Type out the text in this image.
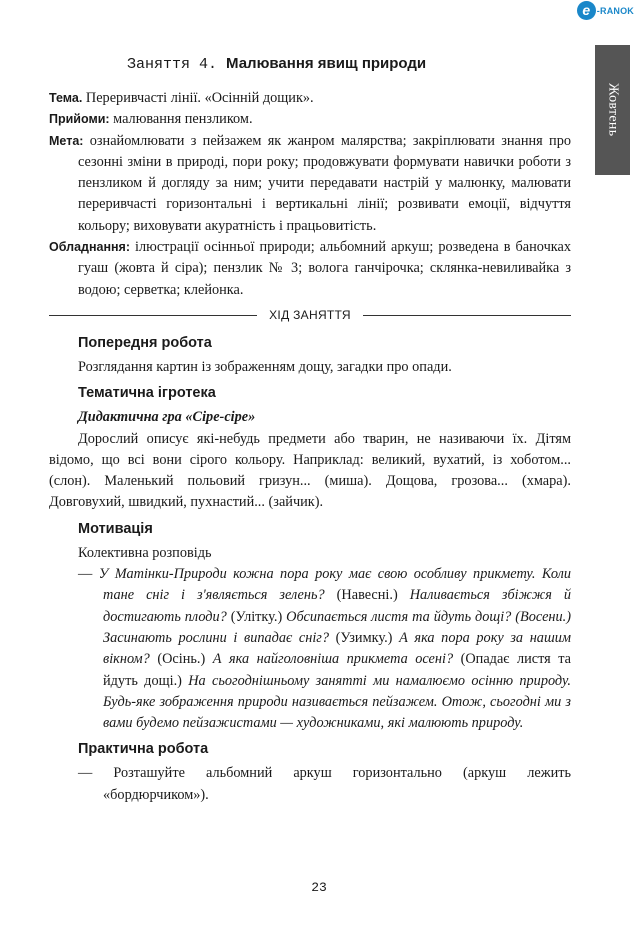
e -RANOK
Жовтень
Заняття 4. Малювання явищ природи

Тема. Переривчасті лінії. «Осінній дощик».

Прийоми: малювання пензликом.

Мета: ознайомлювати з пейзажем як жанром малярства; закріплювати знання про сезонні зміни в природі, пори року; продовжувати формувати навички роботи з пензликом й догляду за ним; учити передавати настрій у малюнку, малювати переривчасті горизонтальні і вертикальні лінії; розвивати емоції, відчуття кольору; виховувати акуратність і працьовитість.

Обладнання: ілюстрації осінньої природи; альбомний аркуш; розведена в баночках гуаш (жовта й сіра); пензлик № 3; волога ганчірочка; склянка-невиливайка з водою; серветка; клейонка.

ХІД ЗАНЯТТЯ
Попередня робота

Розглядання картин із зображенням дощу, загадки про опади.

Тематична ігротека

Дидактична гра «Сіре-сіре»

Дорослий описує які-небудь предмети або тварин, не називаючи їх. Дітям відомо, що всі вони сірого кольору. Наприклад: великий, вухатий, із хоботом... (слон). Маленький польовий гризун... (миша). Дощова, грозова... (хмара). Довговухий, швидкий, пухнастий... (зайчик).

Мотивація

Колективна розповідь

— У Матінки-Природи кожна пора року має свою особливу прикмету. Коли тане сніг і з'являється зелень? (Навесні.) Наливається збіжжя й достигають плоди? (Улітку.) Обсипається листя та йдуть дощі? (Восени.) Засинають рослини і випадає сніг? (Узимку.) А яка пора року за нашим вікном? (Осінь.) А яка найголовніша прикмета осені? (Опадає листя та йдуть дощі.) На сьогоднішньому занятті ми намалюємо осінню природу. Будь-яке зображення природи називається пейзажем. Отож, сьогодні ми з вами будемо пейзажистами — художниками, які малюють природу.

Практична робота

— Розташуйте альбомний аркуш горизонтально (аркуш лежить «бордюрчиком»).

23
